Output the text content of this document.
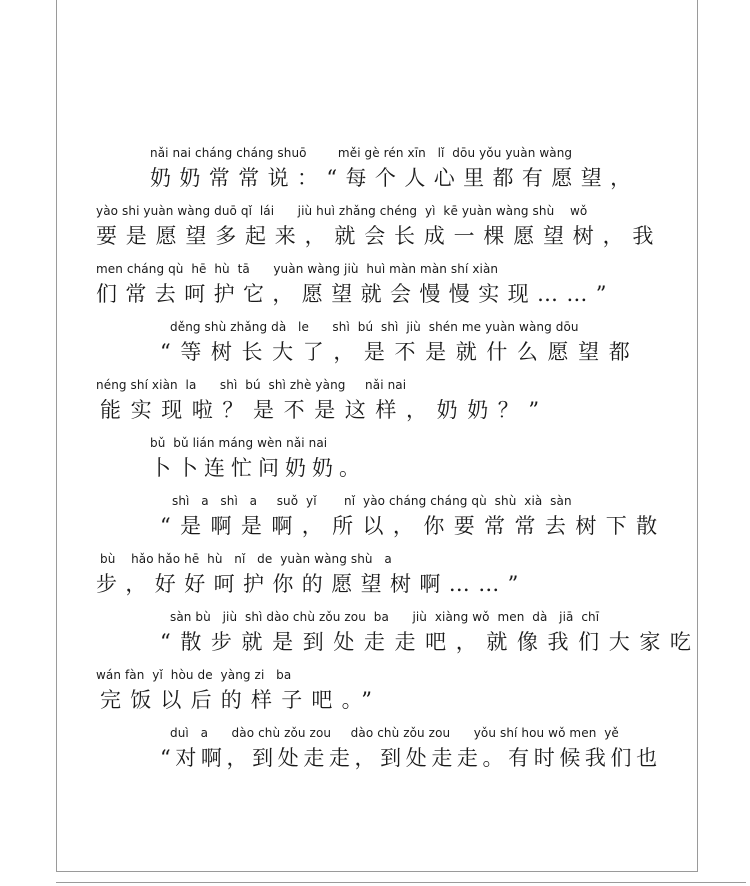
nǎi nai cháng cháng shuō        měi gè rén xīn   lǐ  dōu yǒu yuàn wàng
奶奶常常说：“每个人心里都有愿望，
yào shi yuàn wàng duō qǐ  lái      jiù huì zhǎng chéng  yì  kē yuàn wàng shù    wǒ
要是愿望多起来，就会长成一棵愿望树，我
men cháng qù  hē  hù  tā      yuàn wàng jiù  huì màn màn shí xiàn
们常去呵护它，愿望就会慢慢实现……”
děng shù zhǎng dà   le      shì  bú  shì  jiù  shén me yuàn wàng dōu
“等树长大了，是不是就什么愿望都
néng shí xiàn  la      shì  bú  shì zhè yàng     nǎi nai
能实现啦？是不是这样，奶奶？”
bǔ  bǔ lián máng wèn nǎi nai
卜卜连忙问奶奶。
shì   a   shì   a     suǒ  yǐ       nǐ  yào cháng cháng qù  shù  xià  sàn
“是啊是啊，所以，你要常常去树下散
bù    hǎo hǎo hē  hù   nǐ   de  yuàn wàng shù   a
步，好好呵护你的愿望树啊……”
sàn bù   jiù  shì dào chù zǒu zou  ba      jiù  xiàng wǒ  men  dà   jiā  chī
“散步就是到处走走吧，就像我们大家吃
wán fàn  yǐ  hòu de  yàng zi   ba
完饭以后的样子吧。”
duì   a      dào chù zǒu zou     dào chù zǒu zou      yǒu shí hou wǒ men  yě
“对啊，到处走走，到处走走。有时候我们也
